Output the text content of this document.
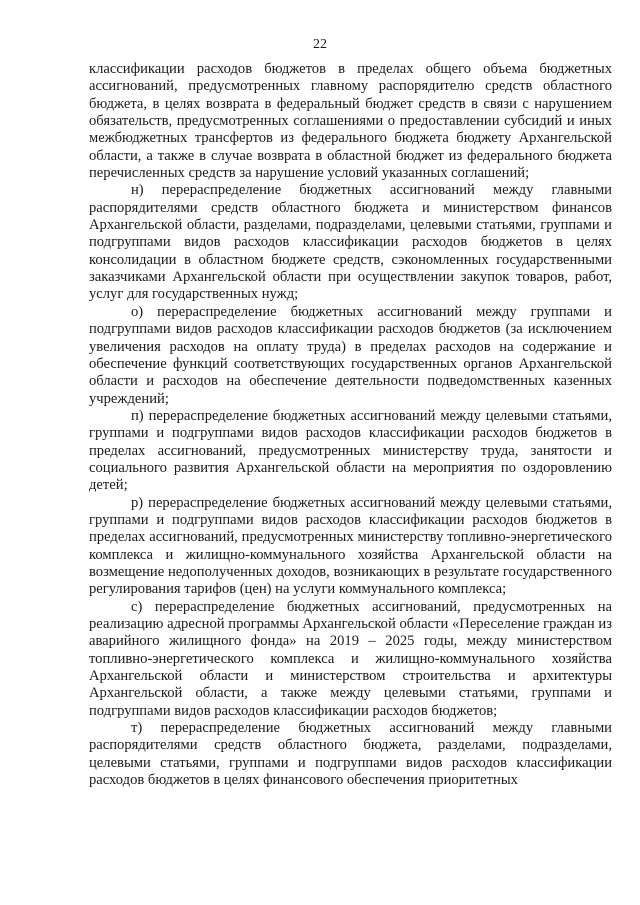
22

классификации расходов бюджетов в пределах общего объема бюджетных ассигнований, предусмотренных главному распорядителю средств областного бюджета, в целях возврата в федеральный бюджет средств в связи с нарушением обязательств, предусмотренных соглашениями о предоставлении субсидий и иных межбюджетных трансфертов из федерального бюджета бюджету Архангельской области, а также в случае возврата в областной бюджет из федерального бюджета перечисленных средств за нарушение условий указанных соглашений;

н) перераспределение бюджетных ассигнований между главными распорядителями средств областного бюджета и министерством финансов Архангельской области, разделами, подразделами, целевыми статьями, группами и подгруппами видов расходов классификации расходов бюджетов в целях консолидации в областном бюджете средств, сэкономленных государственными заказчиками Архангельской области при осуществлении закупок товаров, работ, услуг для государственных нужд;

о) перераспределение бюджетных ассигнований между группами и подгруппами видов расходов классификации расходов бюджетов (за исключением увеличения расходов на оплату труда) в пределах расходов на содержание и обеспечение функций соответствующих государственных органов Архангельской области и расходов на обеспечение деятельности подведомственных казенных учреждений;

п) перераспределение бюджетных ассигнований между целевыми статьями, группами и подгруппами видов расходов классификации расходов бюджетов в пределах ассигнований, предусмотренных министерству труда, занятости и социального развития Архангельской области на мероприятия по оздоровлению детей;

р) перераспределение бюджетных ассигнований между целевыми статьями, группами и подгруппами видов расходов классификации расходов бюджетов в пределах ассигнований, предусмотренных министерству топливно-энергетического комплекса и жилищно-коммунального хозяйства Архангельской области на возмещение недополученных доходов, возникающих в результате государственного регулирования тарифов (цен) на услуги коммунального комплекса;

с) перераспределение бюджетных ассигнований, предусмотренных на реализацию адресной программы Архангельской области «Переселение граждан из аварийного жилищного фонда» на 2019 – 2025 годы, между министерством топливно-энергетического комплекса и жилищно-коммунального хозяйства Архангельской области и министерством строительства и архитектуры Архангельской области, а также между целевыми статьями, группами и подгруппами видов расходов классификации расходов бюджетов;

т) перераспределение бюджетных ассигнований между главными распорядителями средств областного бюджета, разделами, подразделами, целевыми статьями, группами и подгруппами видов расходов классификации расходов бюджетов в целях финансового обеспечения приоритетных
